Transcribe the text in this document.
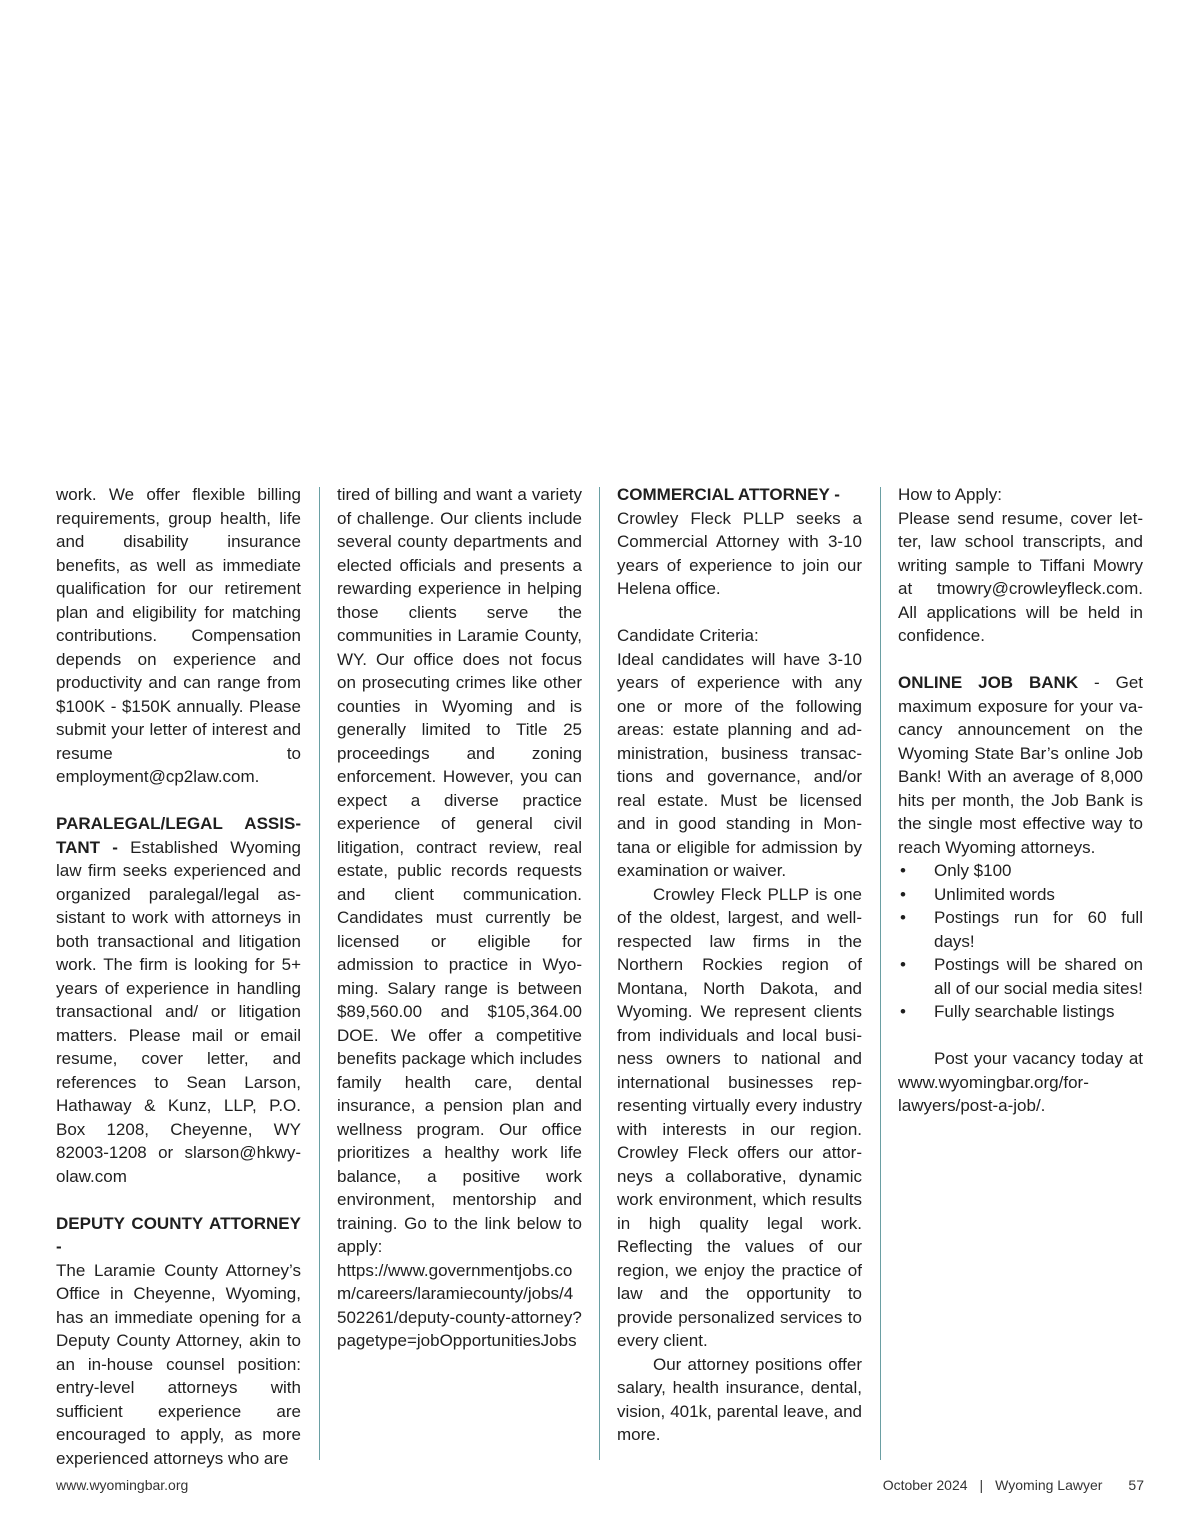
work. We offer flexible billing requirements, group health, life and disability insurance benefits, as well as immediate qualification for our retirement plan and eligibility for matching contributions. Compensation depends on experience and productivity and can range from $100K - $150K annually. Please submit your letter of interest and resume to employment@cp2law.com.

PARALEGAL/LEGAL ASSISTANT - Established Wyoming law firm seeks experienced and organized paralegal/legal assistant to work with attorneys in both transactional and litigation work. The firm is looking for 5+ years of experience in handling transactional and/ or litigation matters. Please mail or email resume, cover letter, and references to Sean Larson, Hathaway & Kunz, LLP, P.O. Box 1208, Cheyenne, WY 82003-1208 or slarson@hkwyolaw.com

DEPUTY COUNTY ATTORNEY -

The Laramie County Attorney’s Office in Cheyenne, Wyoming, has an immediate opening for a Deputy County Attorney, akin to an in-house counsel position: entry-level attorneys with sufficient experience are encouraged to apply, as more experienced attorneys who are

tired of billing and want a variety of challenge. Our clients include several county departments and elected officials and presents a rewarding experience in helping those clients serve the communities in Laramie County, WY. Our office does not focus on prosecuting crimes like other counties in Wyoming and is generally limited to Title 25 proceedings and zoning enforcement. However, you can expect a diverse practice experience of general civil litigation, contract review, real estate, public records requests and client communication. Candidates must currently be licensed or eligible for admission to practice in Wyoming. Salary range is between $89,560.00 and $105,364.00 DOE. We offer a competitive benefits package which includes family health care, dental insurance, a pension plan and wellness program. Our office prioritizes a healthy work life balance, a positive work environment, mentorship and training. Go to the link below to apply:

https://www.governmentjobs.com/careers/laramiecounty/jobs/4502261/deputy-county-attorney?pagetype=jobOpportunitiesJobs

COMMERCIAL ATTORNEY -

Crowley Fleck PLLP seeks a Commercial Attorney with 3-10 years of experience to join our Helena office.

Candidate Criteria:

Ideal candidates will have 3-10 years of experience with any one or more of the following areas: estate planning and administration, business transactions and governance, and/or real estate. Must be licensed and in good standing in Montana or eligible for admission by examination or waiver.

Crowley Fleck PLLP is one of the oldest, largest, and well-respected law firms in the Northern Rockies region of Montana, North Dakota, and Wyoming. We represent clients from individuals and local business owners to national and international businesses representing virtually every industry with interests in our region. Crowley Fleck offers our attorneys a collaborative, dynamic work environment, which results in high quality legal work. Reflecting the values of our region, we enjoy the practice of law and the opportunity to provide personalized services to every client.

Our attorney positions offer salary, health insurance, dental, vision, 401k, parental leave, and more.

How to Apply:

Please send resume, cover letter, law school transcripts, and writing sample to Tiffani Mowry at tmowry@crowleyfleck.com. All applications will be held in confidence.

ONLINE JOB BANK - Get maximum exposure for your vacancy announcement on the Wyoming State Bar’s online Job Bank! With an average of 8,000 hits per month, the Job Bank is the single most effective way to reach Wyoming attorneys.

• Only $100
• Unlimited words
• Postings run for 60 full days!
• Postings will be shared on all of our social media sites!
• Fully searchable listings

Post your vacancy today at www.wyomingbar.org/forlawyers/post-a-job/.

www.wyomingbar.org	October 2024 | Wyoming Lawyer 57
